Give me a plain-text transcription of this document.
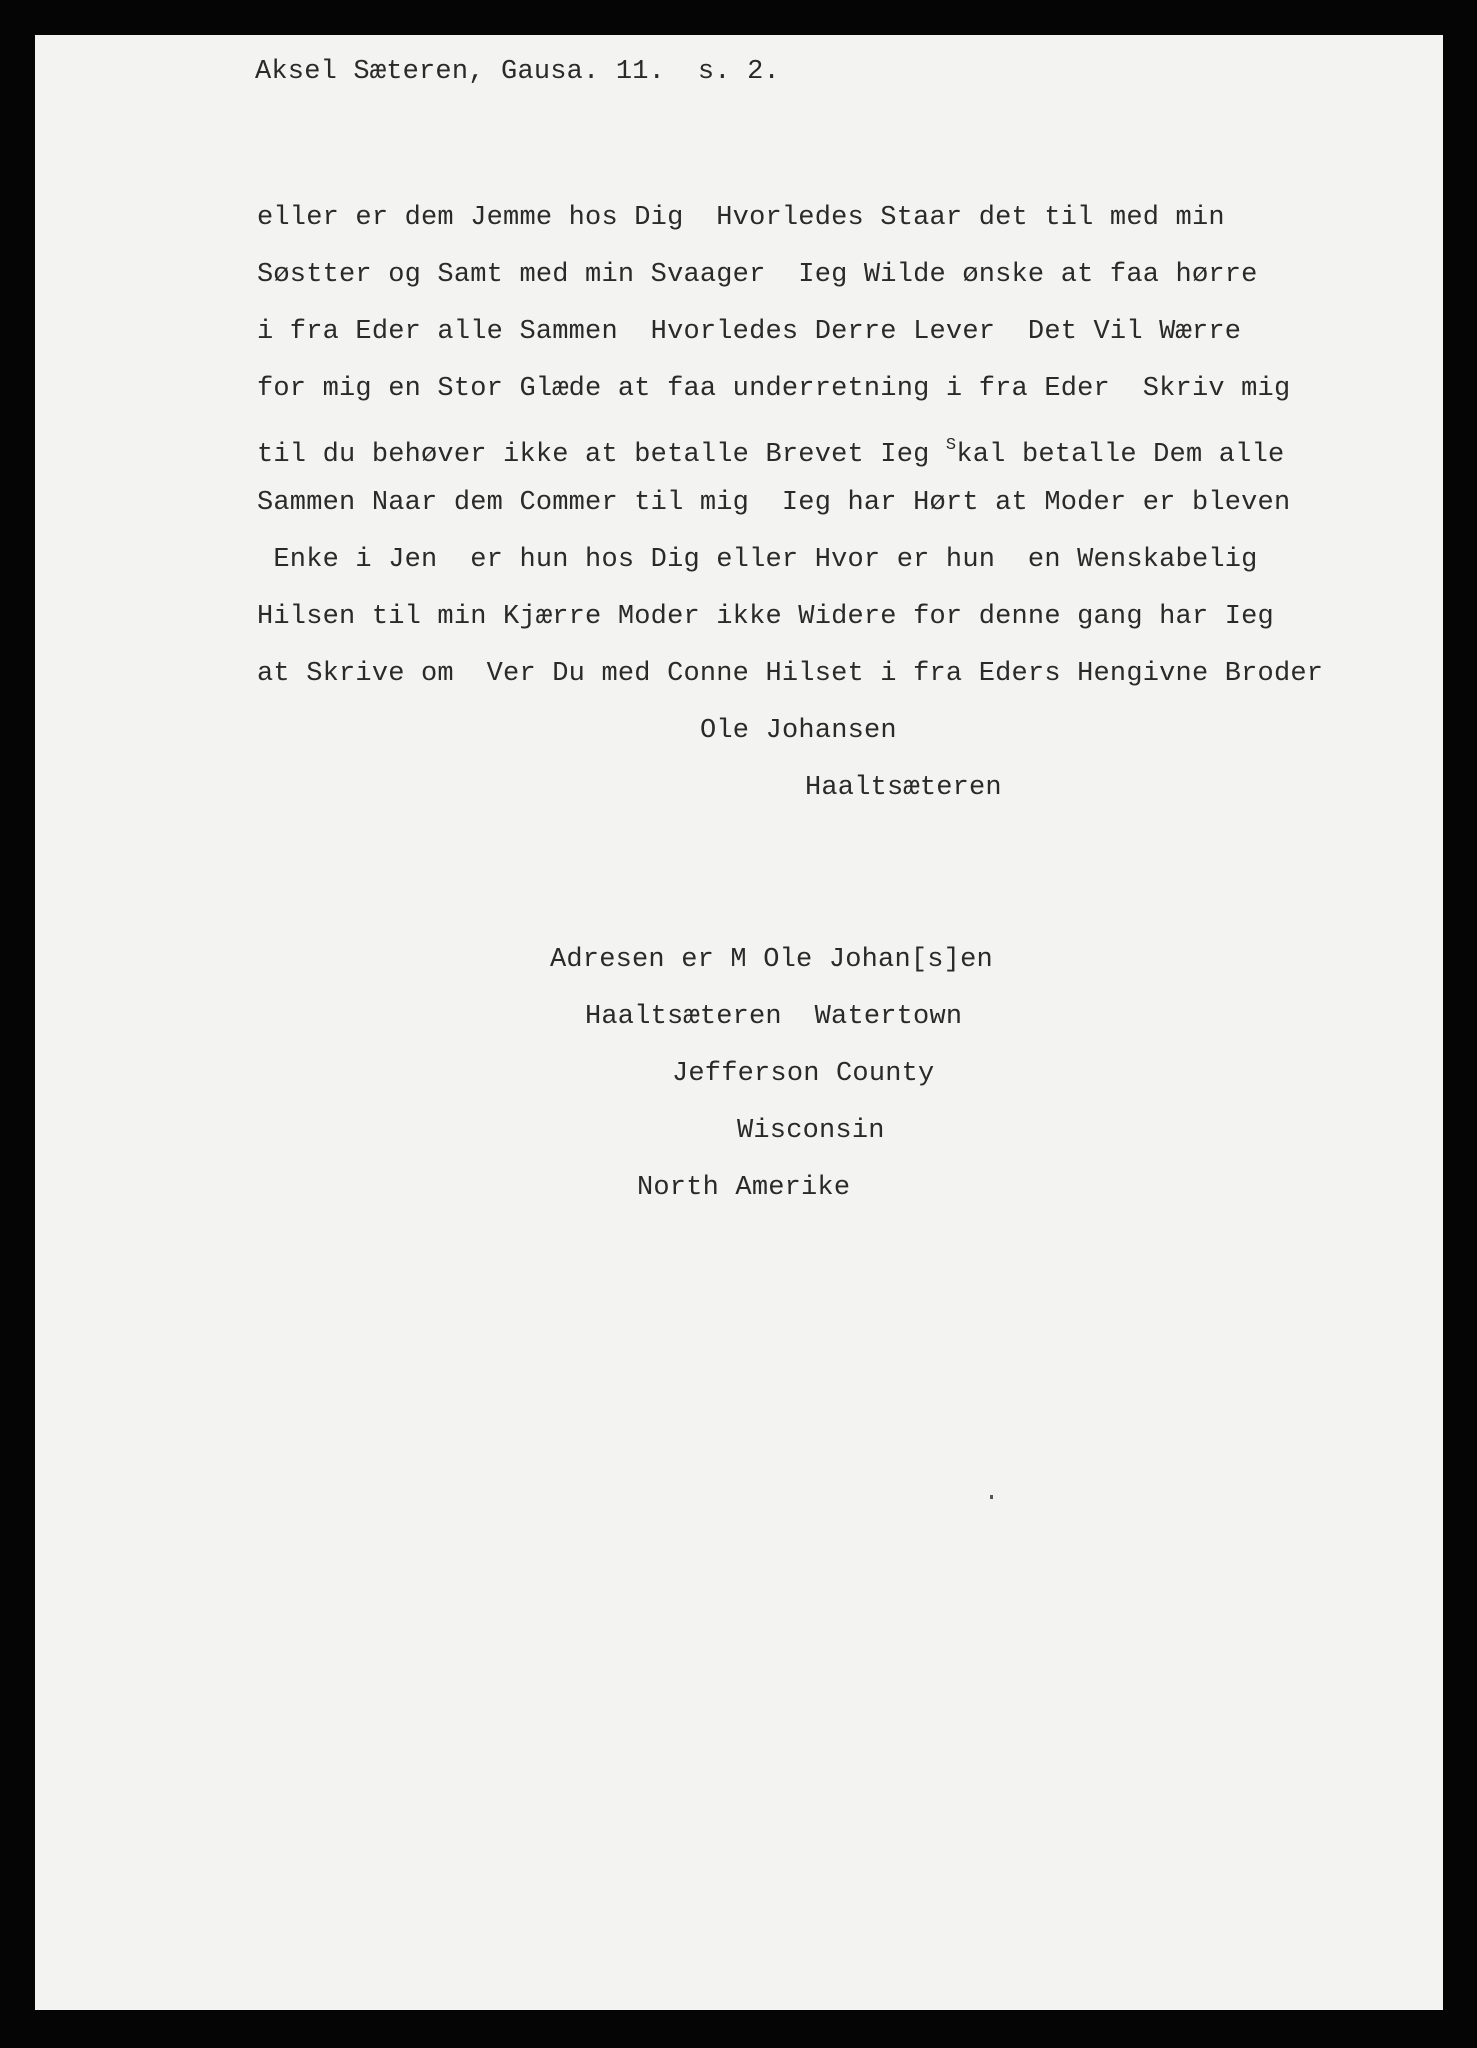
Aksel Sæteren, Gausa. 11.  s. 2.
eller er dem Jemme hos Dig  Hvorledes Staar det til med min
Søstter og Samt med min Svaager  Ieg Wilde ønske at faa hørre
i fra Eder alle Sammen  Hvorledes Derre Lever  Det Vil Wærre
for mig en Stor Glæde at faa underretning i fra Eder  Skriv mig
til du behøver ikke at betalle Brevet Ieg $^S$kal betalle Dem alle
Sammen Naar dem Commer til mig  Ieg har Hørt at Moder er bleven
Enke i Jen  er hun hos Dig eller Hvor er hun  en Wenskabelig
Hilsen til min Kjærre Moder ikke Widere for denne gang har Ieg
at Skrive om  Ver Du med Conne Hilset i fra Eders Hengivne Broder
Ole Johansen
Haaltsæteren
Adresen er M Ole Johan[s]en
Haaltsæteren  Watertown
Jefferson County
Wisconsin
North Amerike
